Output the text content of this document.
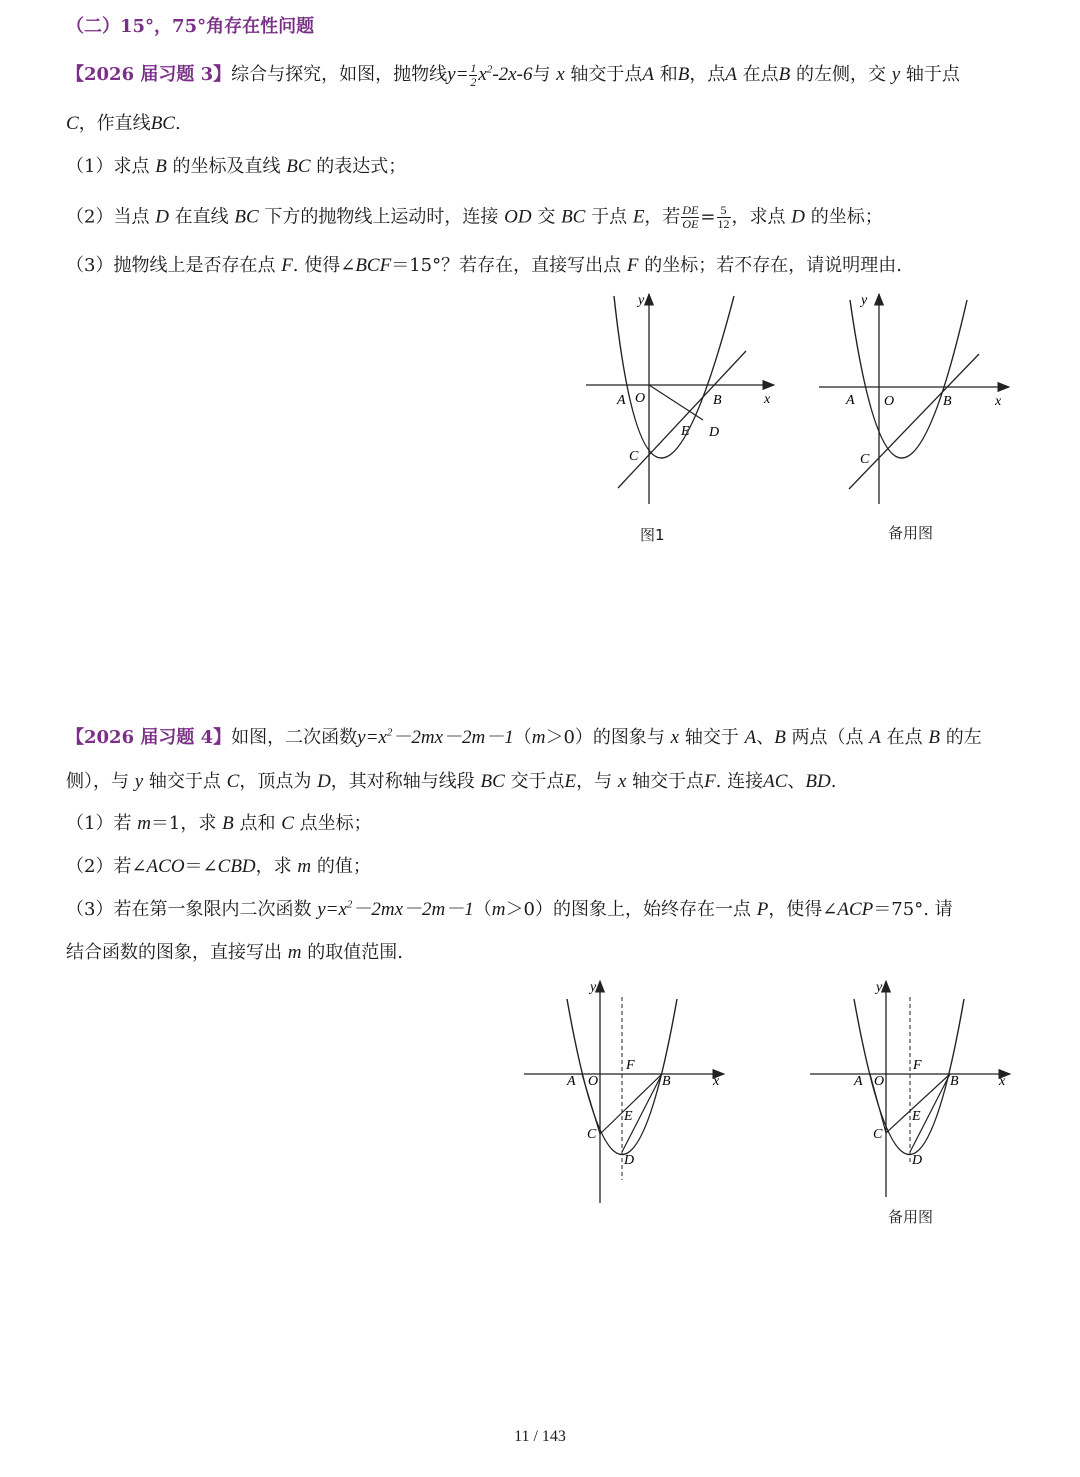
（二）15°，75°角存在性问题
【2026 届习题 3】综合与探究，如图，抛物线$y= \frac{1}{2} x^2-2x-6$与 x 轴交于点A 和B，点A 在点B 的左侧，交 y 轴于点
C，作直线BC.
（1）求点 B 的坐标及直线 BC 的表达式；
（2）当点 D 在直线 BC 下方的抛物线上运动时，连接 OD 交 BC 于点 E，若 $\frac{DE}{OE} = \frac{5}{12}$ ，求点 D 的坐标；
（3）抛物线上是否存在点 F. 使得∠BCF＝15°？若存在，直接写出点 F 的坐标；若不存在，请说明理由.
y
x
A O	B
E D
C
图1
y
x
A O	B
C
备用图
【2026 届习题 4】如图，二次函数$y=x^2-2mx-2m-1(m>0)$的图象与 x 轴交于 A、B 两点（点 A 在点 B 的左
侧），与 y 轴交于点 C，顶点为 D，其对称轴与线段 BC 交于点E，与 x 轴交于点F. 连接AC、BD.
（1）若 m＝1，求 B 点和 C 点坐标；
（2）若∠ACO＝∠CBD，求 m 的值；
（3）若在第一象限内二次函数 $y=x^2-2mx-2m-1(m>0)$的图象上，始终存在一点 P，使得∠ACP＝75°. 请
结合函数的图象，直接写出 m 的取值范围.
y
x
A O
F
B
E
C
D
y
x
A O
F
B
E
C
D
备用图
11 / 143
